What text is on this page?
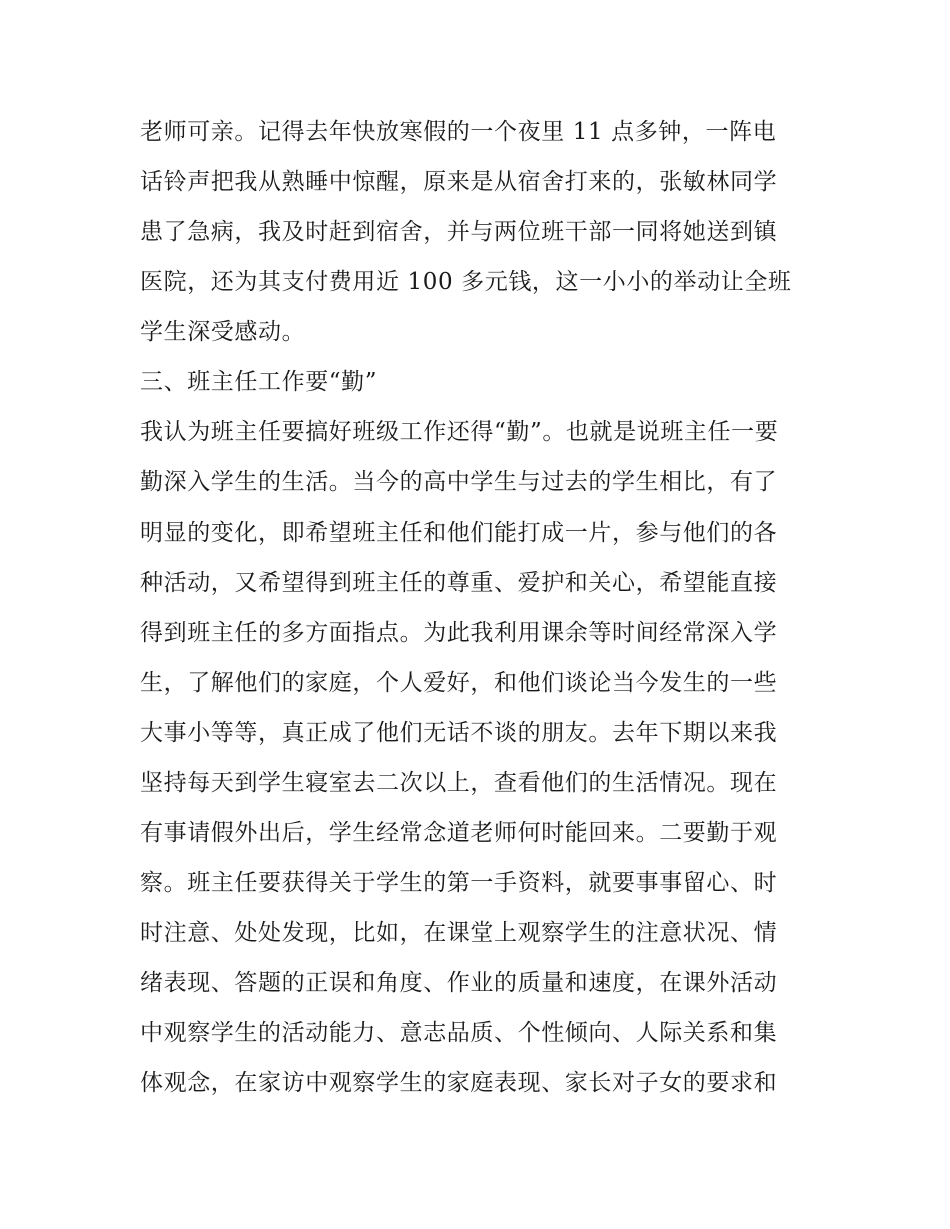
老师可亲。记得去年快放寒假的一个夜里 11 点多钟，一阵电
话铃声把我从熟睡中惊醒，原来是从宿舍打来的，张敏林同学
患了急病，我及时赶到宿舍，并与两位班干部一同将她送到镇
医院，还为其支付费用近 100 多元钱，这一小小的举动让全班
学生深受感动。
三、班主任工作要“勤”
我认为班主任要搞好班级工作还得“勤”。也就是说班主任一要
勤深入学生的生活。当今的高中学生与过去的学生相比，有了
明显的变化，即希望班主任和他们能打成一片，参与他们的各
种活动，又希望得到班主任的尊重、爱护和关心，希望能直接
得到班主任的多方面指点。为此我利用课余等时间经常深入学
生，了解他们的家庭，个人爱好，和他们谈论当今发生的一些
大事小等等，真正成了他们无话不谈的朋友。去年下期以来我
坚持每天到学生寝室去二次以上，查看他们的生活情况。现在
有事请假外出后，学生经常念道老师何时能回来。二要勤于观
察。班主任要获得关于学生的第一手资料，就要事事留心、时
时注意、处处发现，比如，在课堂上观察学生的注意状况、情
绪表现、答题的正误和角度、作业的质量和速度，在课外活动
中观察学生的活动能力、意志品质、个性倾向、人际关系和集
体观念，在家访中观察学生的家庭表现、家长对子女的要求和
